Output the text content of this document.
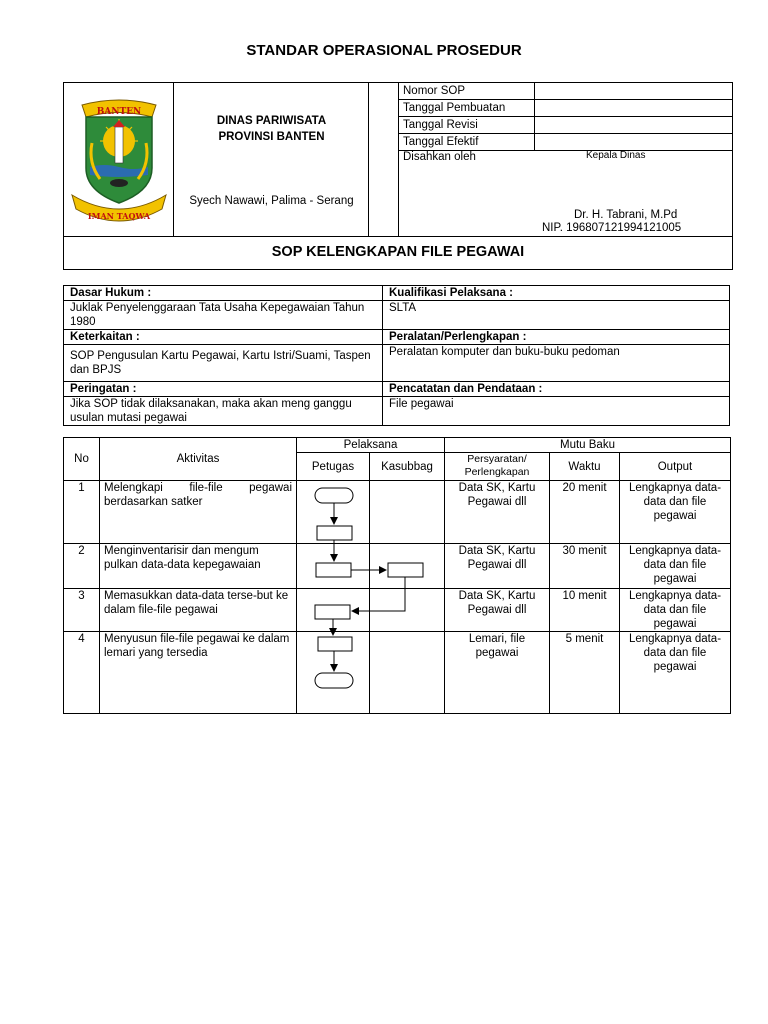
STANDAR OPERASIONAL PROSEDUR
BANTEN
IMAN TAQWA
DINAS PARIWISATA
PROVINSI BANTEN
Syech Nawawi, Palima - Serang
Nomor SOP	
Tanggal Pembuatan	
Tanggal Revisi	
Tanggal Efektif	
Disahkan oleh		Kepala Dinas
Dr. H. Tabrani, M.Pd
NIP. 196807121994121005
SOP KELENGKAPAN FILE PEGAWAI
Dasar Hukum :	Kualifikasi Pelaksana :
Juklak Penyelenggaraan Tata Usaha Kepegawaian Tahun 1980	SLTA
Keterkaitan :	Peralatan/Perlengkapan :
SOP Pengusulan Kartu Pegawai, Kartu Istri/Suami, Taspen dan BPJS	Peralatan komputer dan buku-buku pedoman
Peringatan :	Pencatatan dan Pendataan :
Jika SOP tidak dilaksanakan, maka akan meng ganggu usulan mutasi pegawai	File pegawai
No	Aktivitas	Pelaksana		Mutu Baku		
		Petugas	Kasubbag	Persyaratan/ Perlengkapan	Waktu	Output
1	Melengkapi file-file pegawai berdasarkan satker			Data SK, Kartu Pegawai dll	20 menit	Lengkapnya data-data dan file pegawai
2	Menginventarisir dan mengum pulkan data-data kepegawaian			Data SK, Kartu Pegawai dll	30 menit	Lengkapnya data-data dan file pegawai
3	Memasukkan data-data terse-but ke dalam file-file pegawai			Data SK, Kartu Pegawai dll	10 menit	Lengkapnya data-data dan file pegawai
4	Menyusun file-file pegawai ke dalam lemari yang tersedia			Lemari, file pegawai	5 menit	Lengkapnya data-data dan file pegawai
